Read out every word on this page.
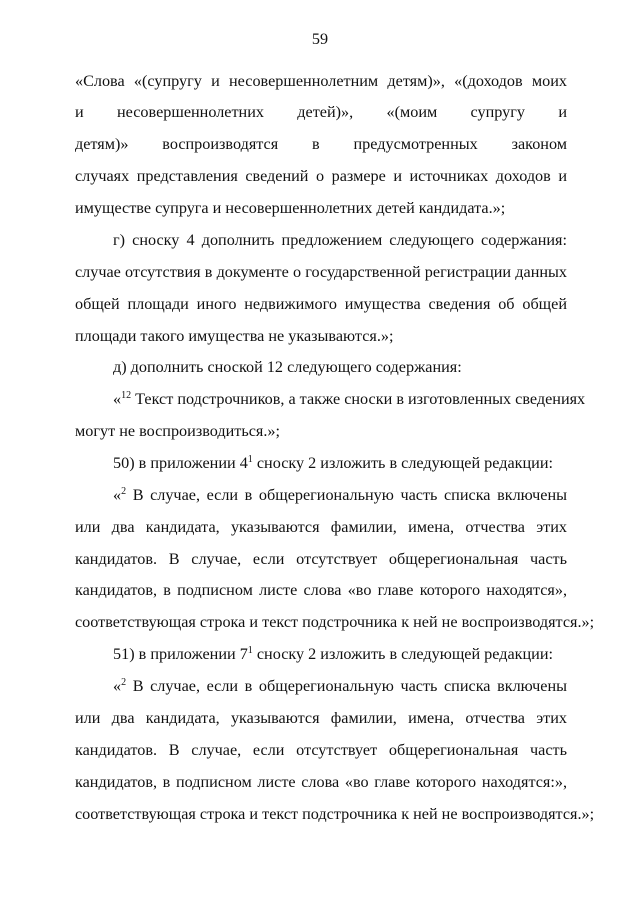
59
«Слова «(супругу и несовершеннолетним детям)», «(доходов моих
и несовершеннолетних детей)», «(моим супругу и
детям)» воспроизводятся в предусмотренных законом
случаях представления сведений о размере и источниках доходов и
имуществе супруга и несовершеннолетних детей кандидата.»;
г) сноску 4 дополнить предложением следующего содержания:
случае отсутствия в документе о государственной регистрации данных
общей площади иного недвижимого имущества сведения об общей
площади такого имущества не указываются.»;
д) дополнить сноской 12 следующего содержания:
«$^{12}$ Текст подстрочников, а также сноски в изготовленных сведениях
могут не воспроизводиться.»;
50) в приложении $4^1$ сноску 2 изложить в следующей редакции:
«$^2$ В случае, если в общерегиональную часть списка включены
или два кандидата, указываются фамилии, имена, отчества этих
кандидатов. В случае, если отсутствует общерегиональная часть
кандидатов, в подписном листе слова «во главе которого находятся»,
соответствующая строка и текст подстрочника к ней не воспроизводятся.»;
51) в приложении $7^1$ сноску 2 изложить в следующей редакции:
«$^2$ В случае, если в общерегиональную часть списка включены
или два кандидата, указываются фамилии, имена, отчества этих
кандидатов. В случае, если отсутствует общерегиональная часть
кандидатов, в подписном листе слова «во главе которого находятся:»,
соответствующая строка и текст подстрочника к ней не воспроизводятся.»;
